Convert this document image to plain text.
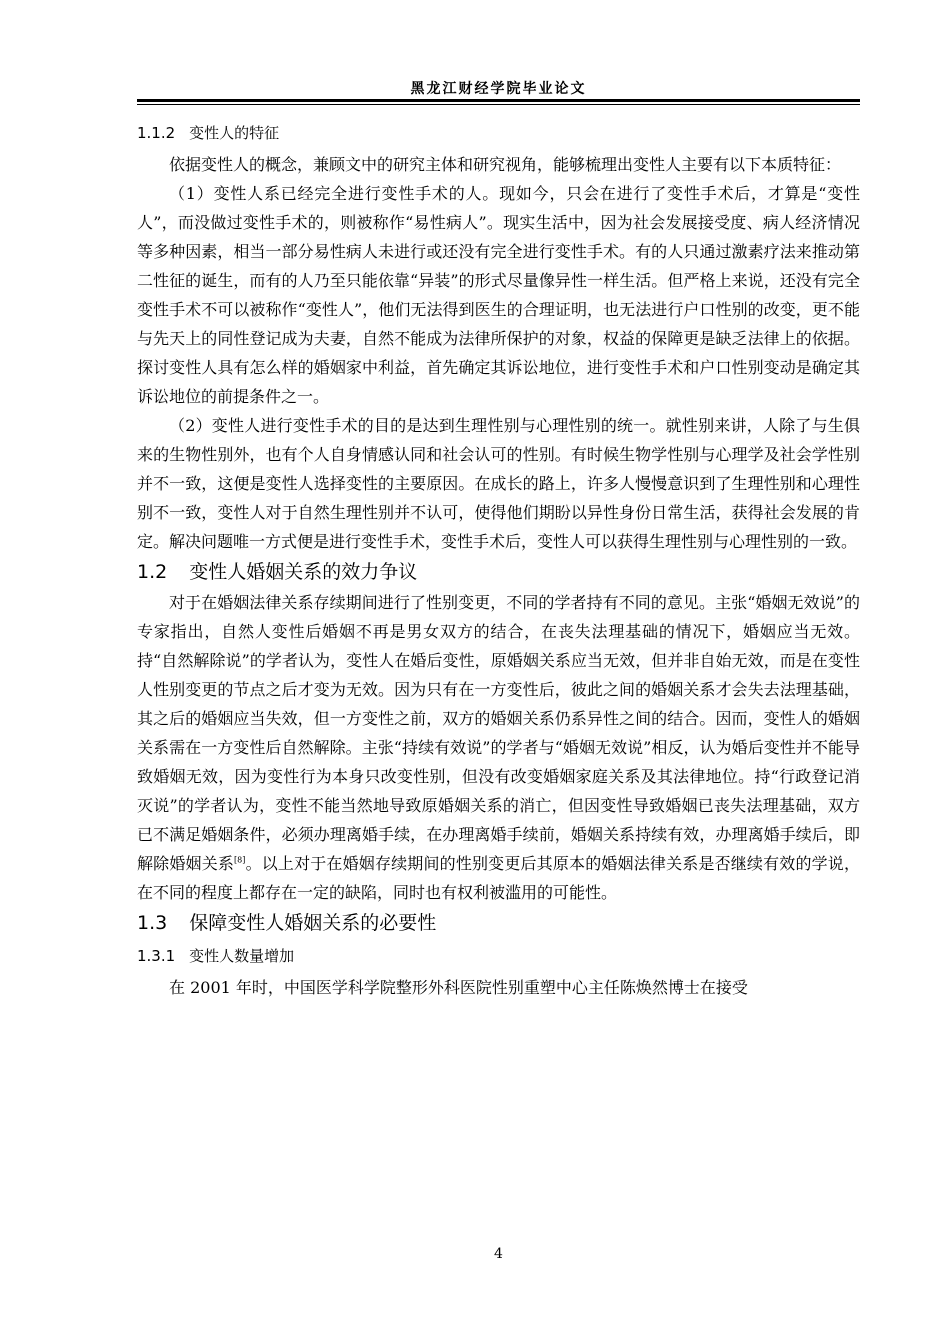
黑龙江财经学院毕业论文
1.1.2 变性人的特征

依据变性人的概念，兼顾文中的研究主体和研究视角，能够梳理出变性人主要有以下本质特征：

（1）变性人系已经完全进行变性手术的人。现如今，只会在进行了变性手术后，才算是“变性人”，而没做过变性手术的，则被称作“易性病人”。现实生活中，因为社会发展接受度、病人经济情况等多种因素，相当一部分易性病人未进行或还没有完全进行变性手术。有的人只通过激素疗法来推动第二性征的诞生，而有的人乃至只能依靠“异装”的形式尽量像异性一样生活。但严格上来说，还没有完全变性手术不可以被称作“变性人”，他们无法得到医生的合理证明，也无法进行户口性别的改变，更不能与先天上的同性登记成为夫妻，自然不能成为法律所保护的对象，权益的保障更是缺乏法律上的依据。探讨变性人具有怎么样的婚姻家中利益，首先确定其诉讼地位，进行变性手术和户口性别变动是确定其诉讼地位的前提条件之一。

（2）变性人进行变性手术的目的是达到生理性别与心理性别的统一。就性别来讲，人除了与生俱来的生物性别外，也有个人自身情感认同和社会认可的性别。有时候生物学性别与心理学及社会学性别并不一致，这便是变性人选择变性的主要原因。在成长的路上，许多人慢慢意识到了生理性别和心理性别不一致，变性人对于自然生理性别并不认可，使得他们期盼以异性身份日常生活，获得社会发展的肯定。解决问题唯一方式便是进行变性手术，变性手术后，变性人可以获得生理性别与心理性别的一致。

1.2 变性人婚姻关系的效力争议

对于在婚姻法律关系存续期间进行了性别变更，不同的学者持有不同的意见。主张“婚姻无效说”的专家指出，自然人变性后婚姻不再是男女双方的结合，在丧失法理基础的情况下，婚姻应当无效。持“自然解除说”的学者认为，变性人在婚后变性，原婚姻关系应当无效，但并非自始无效，而是在变性人性别变更的节点之后才变为无效。因为只有在一方变性后，彼此之间的婚姻关系才会失去法理基础，其之后的婚姻应当失效，但一方变性之前，双方的婚姻关系仍系异性之间的结合。因而，变性人的婚姻关系需在一方变性后自然解除。主张“持续有效说”的学者与“婚姻无效说”相反，认为婚后变性并不能导致婚姻无效，因为变性行为本身只改变性别，但没有改变婚姻家庭关系及其法律地位。持“行政登记消灭说”的学者认为，变性不能当然地导致原婚姻关系的消亡，但因变性导致婚姻已丧失法理基础，双方已不满足婚姻条件，必须办理离婚手续，在办理离婚手续前，婚姻关系持续有效，办理离婚手续后，即解除婚姻关系[8]。以上对于在婚姻存续期间的性别变更后其原本的婚姻法律关系是否继续有效的学说，在不同的程度上都存在一定的缺陷，同时也有权利被滥用的可能性。

1.3 保障变性人婚姻关系的必要性
1.3.1 变性人数量增加

在 2001 年时，中国医学科学院整形外科医院性别重塑中心主任陈焕然博士在接受

4
